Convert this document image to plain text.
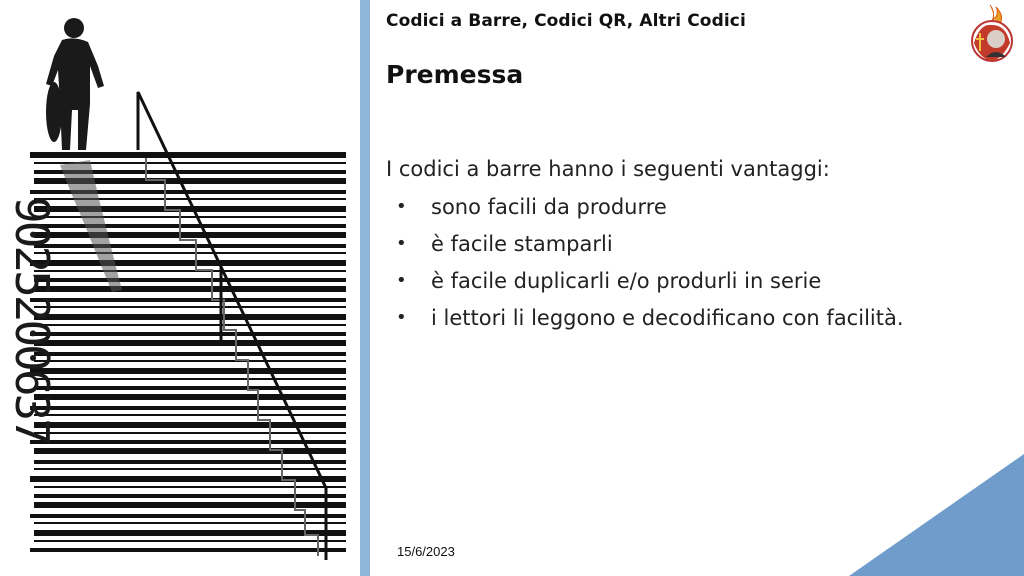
9025200637
Codici a Barre, Codici QR, Altri Codici
Premessa

I codici a barre hanno i seguenti vantaggi:

• sono facili da produrre
• è facile stamparli
• è facile duplicarli e/o produrli in serie
• i lettori li leggono e decodificano con facilità.
15/6/2023
